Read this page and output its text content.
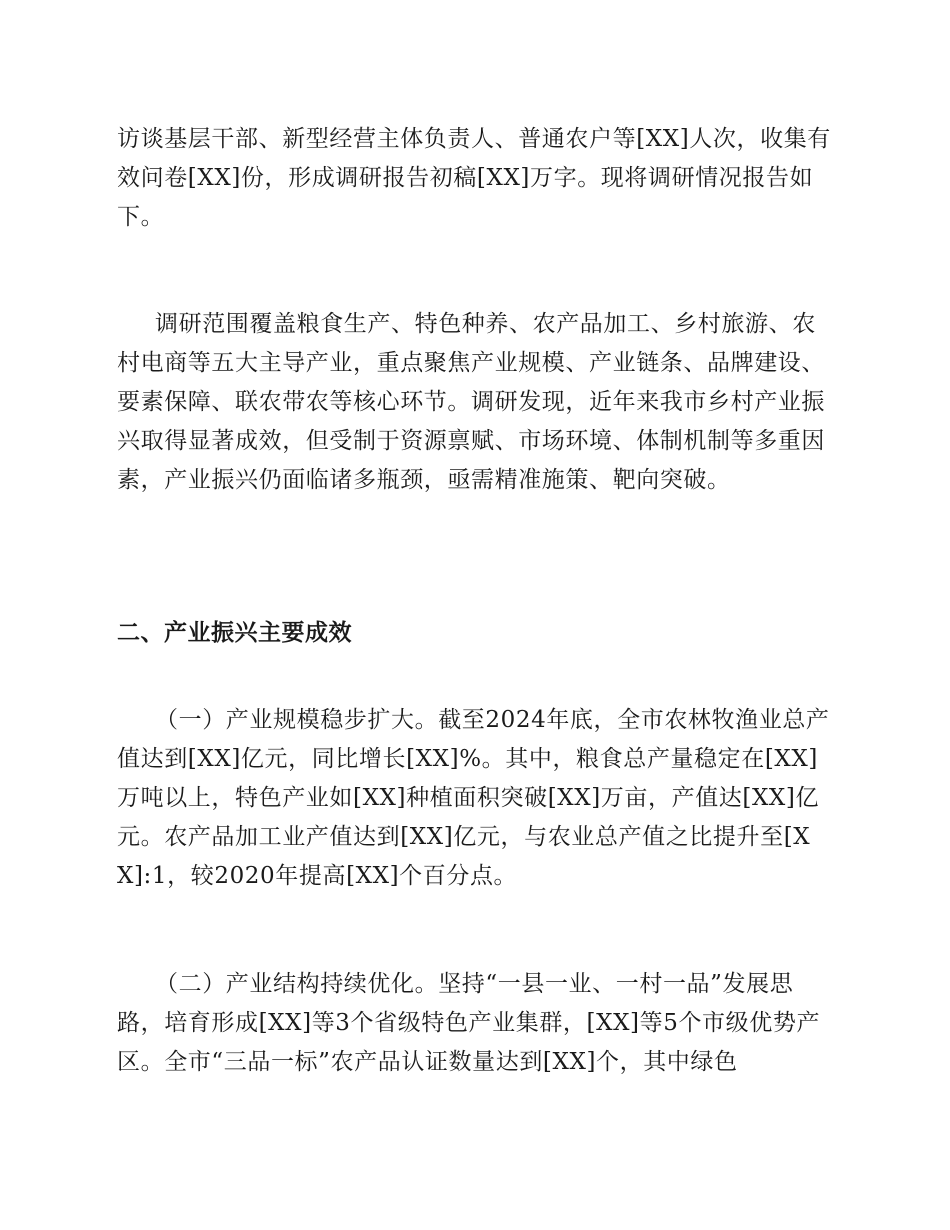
访谈基层干部、新型经营主体负责人、普通农户等[XX]人次，收集有效问卷[XX]份，形成调研报告初稿[XX]万字。现将调研情况报告如下。

调研范围覆盖粮食生产、特色种养、农产品加工、乡村旅游、农村电商等五大主导产业，重点聚焦产业规模、产业链条、品牌建设、要素保障、联农带农等核心环节。调研发现，近年来我市乡村产业振兴取得显著成效，但受制于资源禀赋、市场环境、体制机制等多重因素，产业振兴仍面临诸多瓶颈，亟需精准施策、靶向突破。

二、产业振兴主要成效

（一）产业规模稳步扩大。截至2024年底，全市农林牧渔业总产值达到[XX]亿元，同比增长[XX]%。其中，粮食总产量稳定在[XX]万吨以上，特色产业如[XX]种植面积突破[XX]万亩，产值达[XX]亿元。农产品加工业产值达到[XX]亿元，与农业总产值之比提升至[XX]:1，较2020年提高[XX]个百分点。

（二）产业结构持续优化。坚持“一县一业、一村一品”发展思路，培育形成[XX]等3个省级特色产业集群，[XX]等5个市级优势产区。全市“三品一标”农产品认证数量达到[XX]个，其中绿色
